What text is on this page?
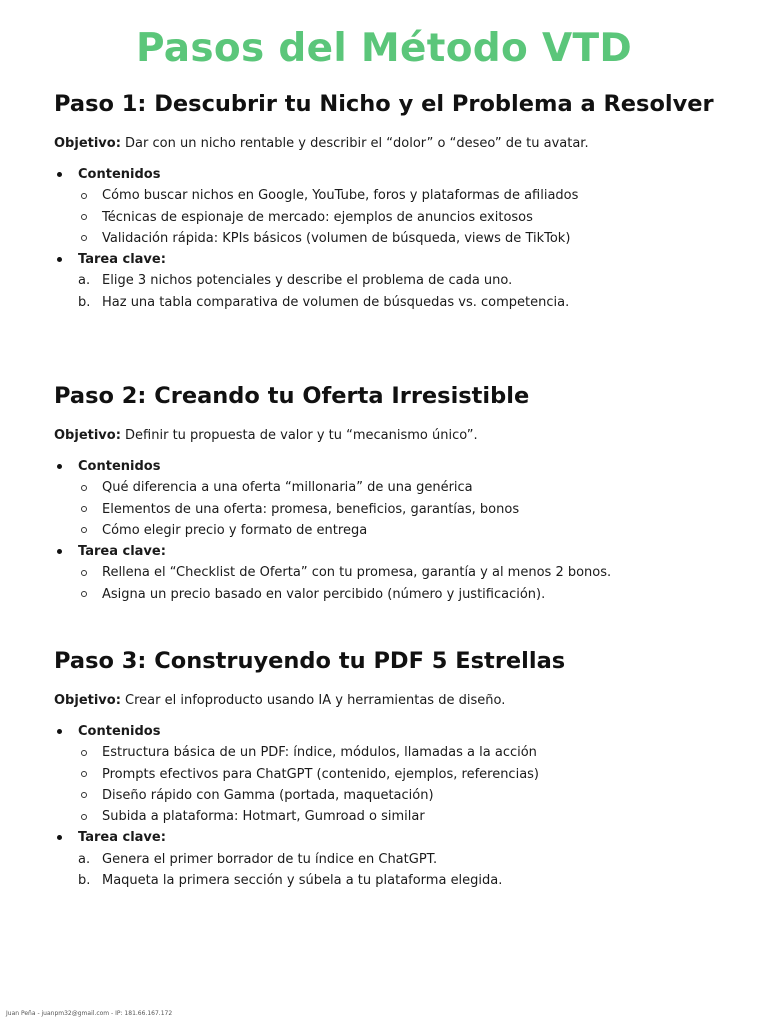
Pasos del Método VTD
Paso 1: Descubrir tu Nicho y el Problema a Resolver

Objetivo: Dar con un nicho rentable y describir el “dolor” o “deseo” de tu avatar.

Contenidos
Cómo buscar nichos en Google, YouTube, foros y plataformas de afiliados
Técnicas de espionaje de mercado: ejemplos de anuncios exitosos
Validación rápida: KPIs básicos (volumen de búsqueda, views de TikTok)
Tarea clave:
a. Elige 3 nichos potenciales y describe el problema de cada uno.
b. Haz una tabla comparativa de volumen de búsquedas vs. competencia.
Paso 2: Creando tu Oferta Irresistible

Objetivo: Definir tu propuesta de valor y tu “mecanismo único”.

Contenidos
Qué diferencia a una oferta “millonaria” de una genérica
Elementos de una oferta: promesa, beneficios, garantías, bonos
Cómo elegir precio y formato de entrega
Tarea clave:
Rellena el “Checklist de Oferta” con tu promesa, garantía y al menos 2 bonos.
Asigna un precio basado en valor percibido (número y justificación).
Paso 3: Construyendo tu PDF 5 Estrellas

Objetivo: Crear el infoproducto usando IA y herramientas de diseño.

Contenidos
Estructura básica de un PDF: índice, módulos, llamadas a la acción
Prompts efectivos para ChatGPT (contenido, ejemplos, referencias)
Diseño rápido con Gamma (portada, maquetación)
Subida a plataforma: Hotmart, Gumroad o similar
Tarea clave:
a. Genera el primer borrador de tu índice en ChatGPT.
b. Maqueta la primera sección y súbela a tu plataforma elegida.
Juan Peña - juanpm32@gmail.com - IP: 181.66.167.172
